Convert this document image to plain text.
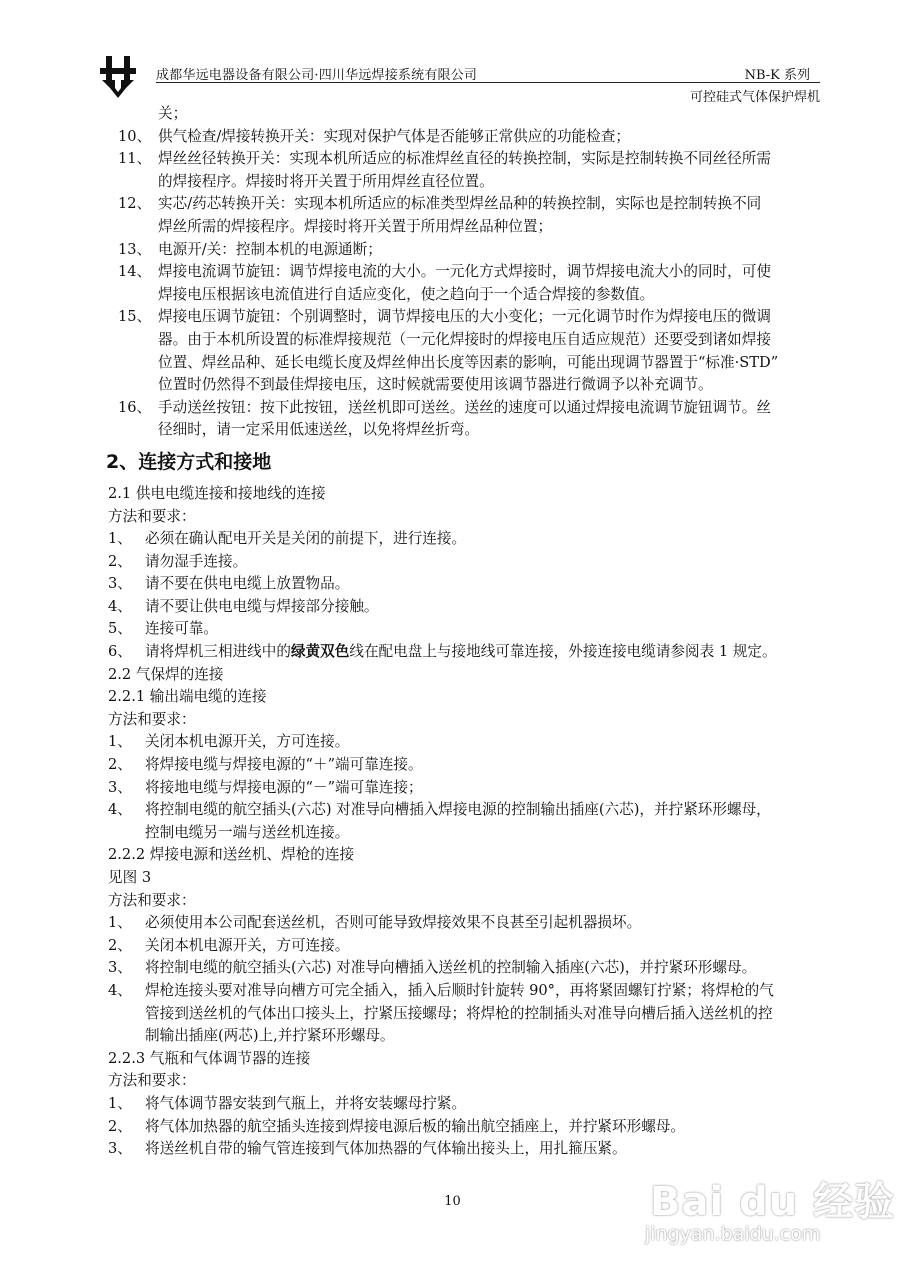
成都华远电器设备有限公司·四川华远焊接系统有限公司	NB-K 系列
可控硅式气体保护焊机
关；
10、 供气检查/焊接转换开关：实现对保护气体是否能够正常供应的功能检查；
11、 焊丝丝径转换开关：实现本机所适应的标准焊丝直径的转换控制，实际是控制转换不同丝径所需
的焊接程序。焊接时将开关置于所用焊丝直径位置。
12、 实芯/药芯转换开关：实现本机所适应的标准类型焊丝品种的转换控制，实际也是控制转换不同
焊丝所需的焊接程序。焊接时将开关置于所用焊丝品种位置；
13、 电源开/关：控制本机的电源通断；
14、 焊接电流调节旋钮：调节焊接电流的大小。一元化方式焊接时，调节焊接电流大小的同时，可使
焊接电压根据该电流值进行自适应变化，使之趋向于一个适合焊接的参数值。
15、 焊接电压调节旋钮：个别调整时，调节焊接电压的大小变化；一元化调节时作为焊接电压的微调
器。由于本机所设置的标准焊接规范（一元化焊接时的焊接电压自适应规范）还要受到诸如焊接
位置、焊丝品种、延长电缆长度及焊丝伸出长度等因素的影响，可能出现调节器置于“标准·STD”
位置时仍然得不到最佳焊接电压，这时候就需要使用该调节器进行微调予以补充调节。
16、 手动送丝按钮：按下此按钮，送丝机即可送丝。送丝的速度可以通过焊接电流调节旋钮调节。丝
径细时，请一定采用低速送丝，以免将焊丝折弯。
2、连接方式和接地
2.1 供电电缆连接和接地线的连接
方法和要求：
1、 必须在确认配电开关是关闭的前提下，进行连接。
2、 请勿湿手连接。
3、 请不要在供电电缆上放置物品。
4、 请不要让供电电缆与焊接部分接触。
5、 连接可靠。
6、 请将焊机三相进线中的绿黄双色线在配电盘上与接地线可靠连接，外接连接电缆请参阅表 1 规定。
2.2 气保焊的连接
2.2.1 输出端电缆的连接
方法和要求：
1、 关闭本机电源开关，方可连接。
2、 将焊接电缆与焊接电源的“＋”端可靠连接。
3、 将接地电缆与焊接电源的“－”端可靠连接；
4、 将控制电缆的航空插头(六芯) 对准导向槽插入焊接电源的控制输出插座(六芯)，并拧紧环形螺母，
控制电缆另一端与送丝机连接。
2.2.2 焊接电源和送丝机、焊枪的连接
见图 3
方法和要求：
1、 必须使用本公司配套送丝机，否则可能导致焊接效果不良甚至引起机器损坏。
2、 关闭本机电源开关，方可连接。
3、 将控制电缆的航空插头(六芯) 对准导向槽插入送丝机的控制输入插座(六芯)，并拧紧环形螺母。
4、 焊枪连接头要对准导向槽方可完全插入，插入后顺时针旋转 90°，再将紧固螺钉拧紧；将焊枪的气
管接到送丝机的气体出口接头上，拧紧压接螺母；将焊枪的控制插头对准导向槽后插入送丝机的控
制输出插座(两芯)上,并拧紧环形螺母。
2.2.3 气瓶和气体调节器的连接
方法和要求：
1、 将气体调节器安装到气瓶上，并将安装螺母拧紧。
2、 将气体加热器的航空插头连接到焊接电源后板的输出航空插座上，并拧紧环形螺母。
3、 将送丝机自带的输气管连接到气体加热器的气体输出接头上，用扎箍压紧。
10	Bai du 经验
jingyan.baidu.com
